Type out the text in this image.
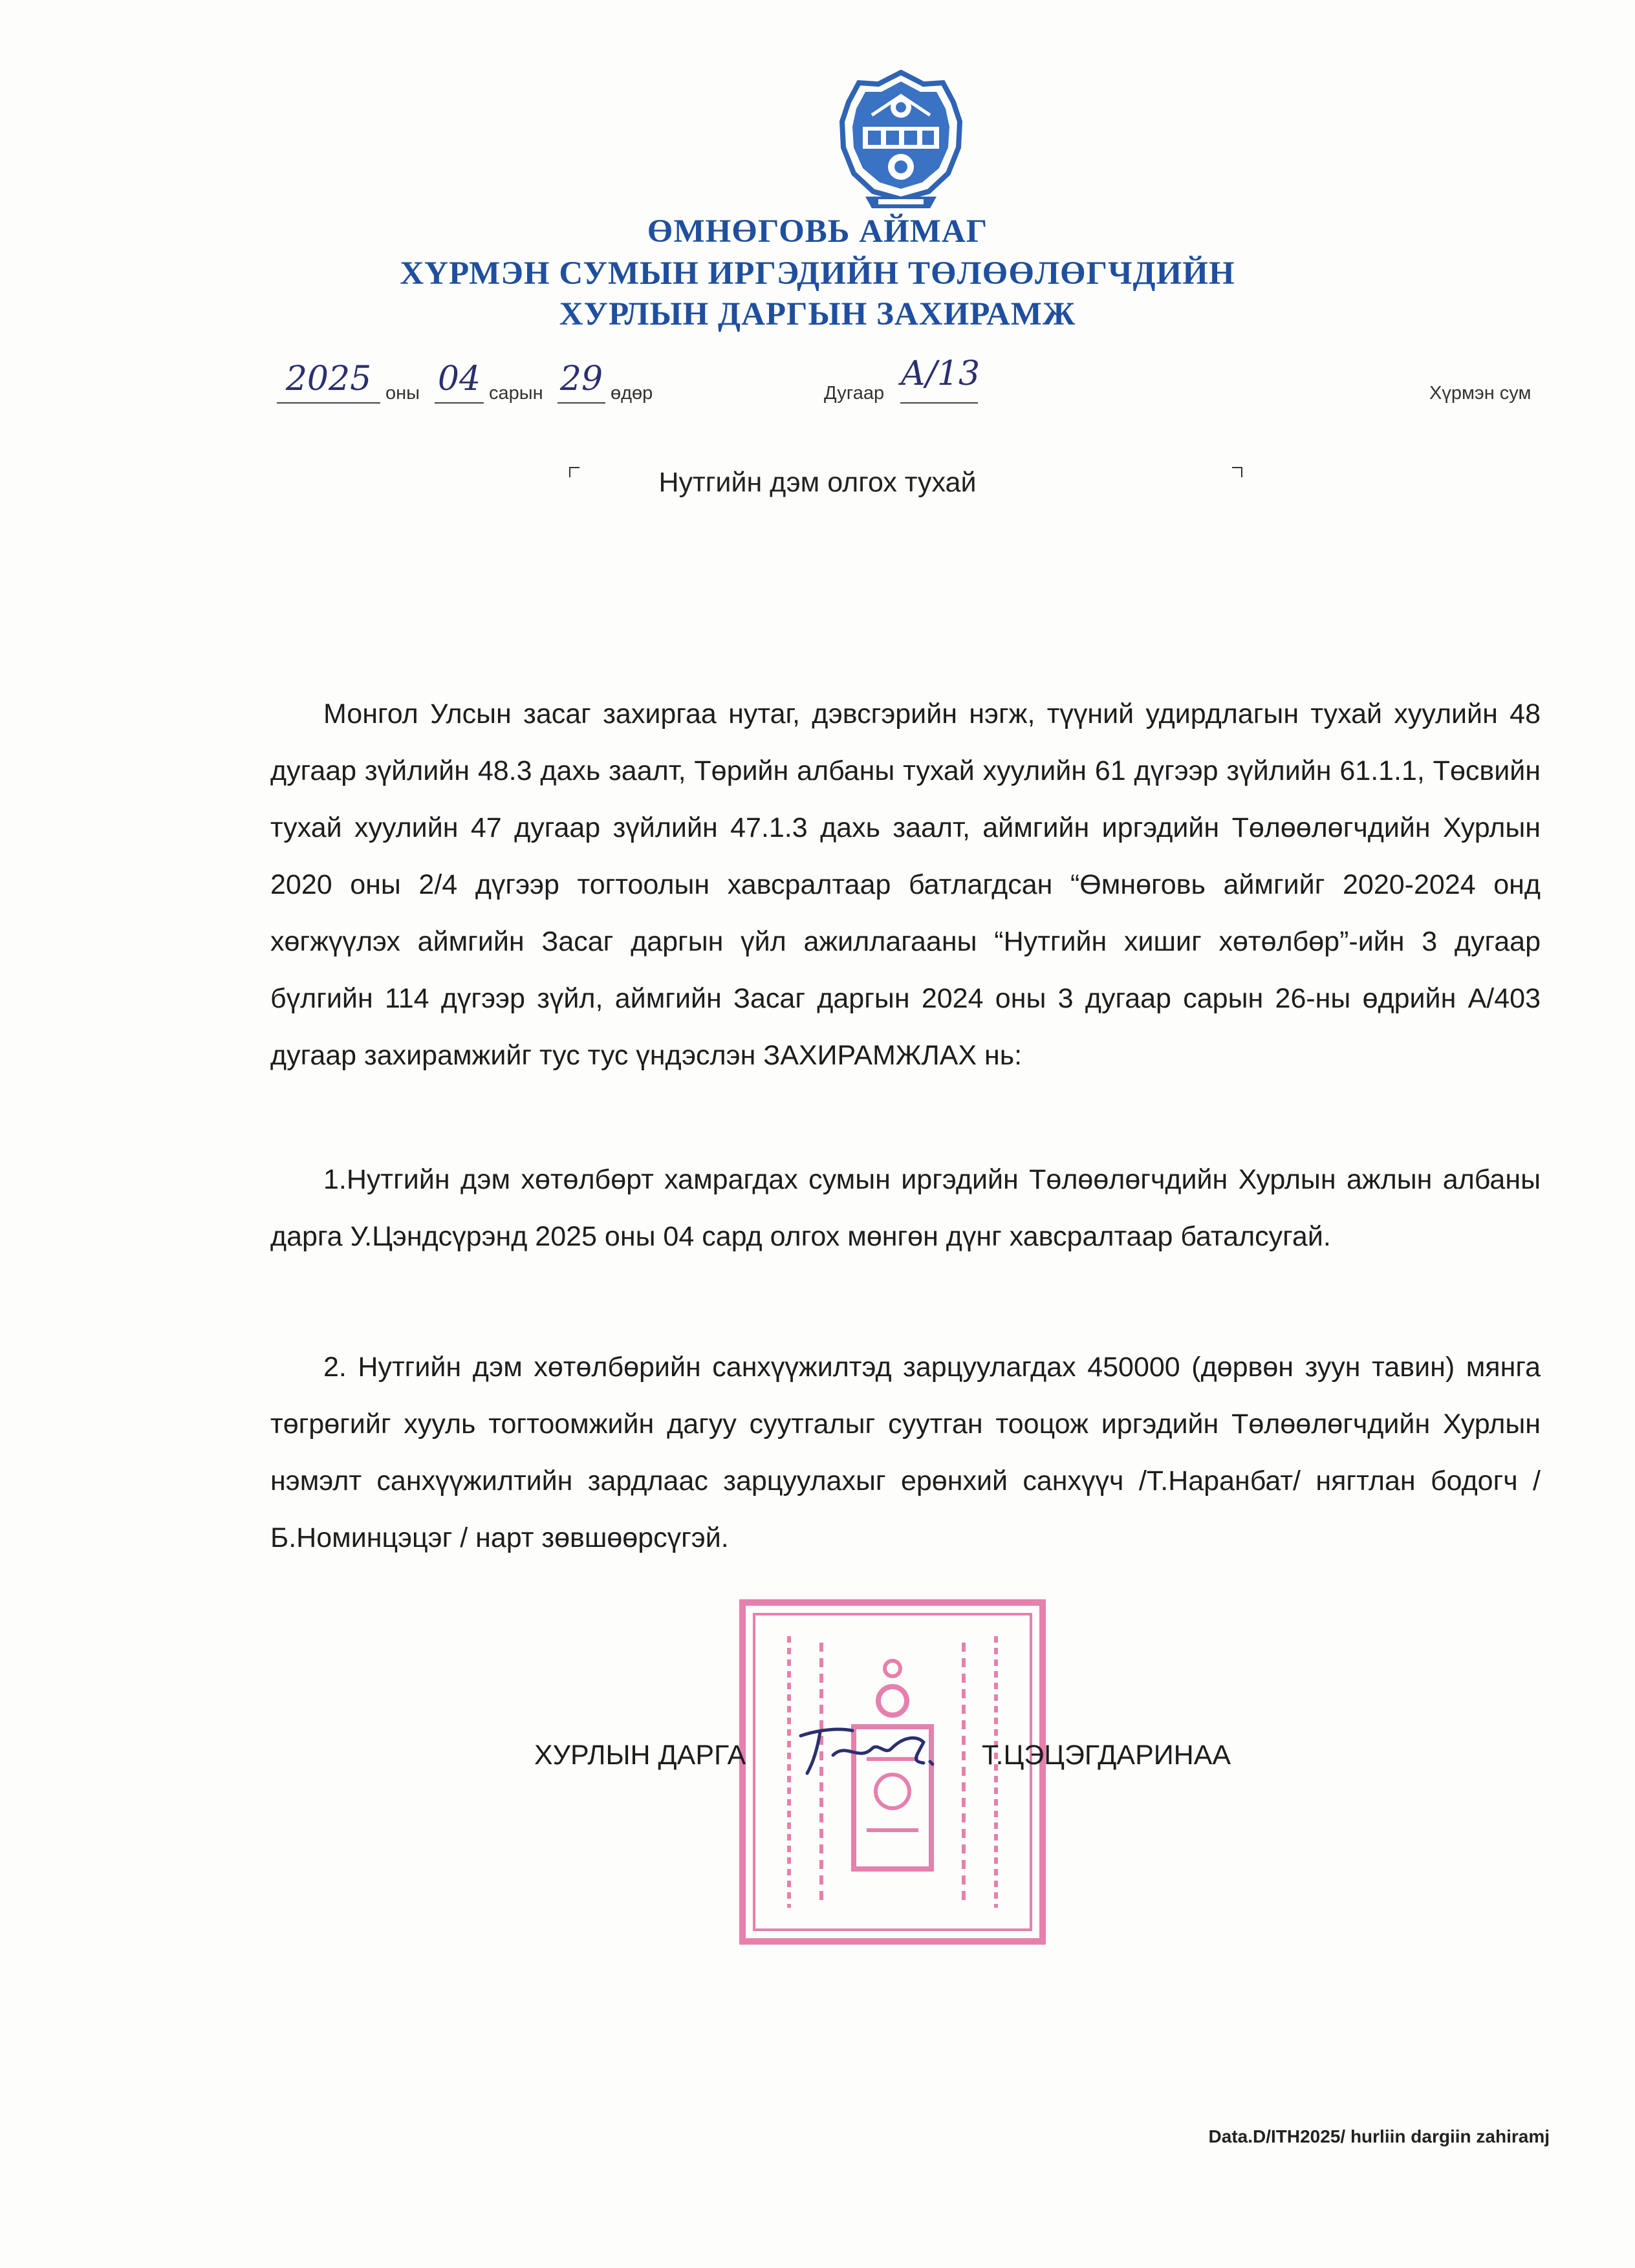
ӨМНӨГОВЬ АЙМАГ
ХҮРМЭН СУМЫН ИРГЭДИЙН ТӨЛӨӨЛӨГЧДИЙН
ХУРЛЫН ДАРГЫН ЗАХИРАМЖ
2025 оны 04 сарын 29 өдөр	Дугаар А/13	Хүрмэн сум
Нутгийн дэм олгох тухай
Монгол Улсын засаг захиргаа нутаг, дэвсгэрийн нэгж, түүний удирдлагын тухай хуулийн 48 дугаар зүйлийн 48.3 дахь заалт, Төрийн албаны тухай хуулийн 61 дүгээр зүйлийн 61.1.1, Төсвийн тухай хуулийн 47 дугаар зүйлийн 47.1.3 дахь заалт, аймгийн иргэдийн Төлөөлөгчдийн Хурлын 2020 оны 2/4 дүгээр тогтоолын хавсралтаар батлагдсан “Өмнөговь аймгийг 2020-2024 онд хөгжүүлэх аймгийн Засаг даргын үйл ажиллагааны “Нутгийн хишиг хөтөлбөр”-ийн 3 дугаар бүлгийн 114 дүгээр зүйл, аймгийн Засаг даргын 2024 оны 3 дугаар сарын 26-ны өдрийн А/403 дугаар захирамжийг тус тус үндэслэн ЗАХИРАМЖЛАХ нь:
1.Нутгийн дэм хөтөлбөрт хамрагдах сумын иргэдийн Төлөөлөгчдийн Хурлын ажлын албаны дарга У.Цэндсүрэнд 2025 оны 04 сард олгох мөнгөн дүнг хавсралтаар баталсугай.
2. Нутгийн дэм хөтөлбөрийн санхүүжилтэд зарцуулагдах 450000 (дөрвөн зуун тавин) мянга төгрөгийг хууль тогтоомжийн дагуу суутгалыг суутган тооцож иргэдийн Төлөөлөгчдийн Хурлын нэмэлт санхүүжилтийн зардлаас зарцуулахыг ерөнхий санхүүч /Т.Наранбат/ нягтлан бодогч /Б.Номинцэцэг / нарт зөвшөөрсүгэй.
ХУРЛЫН ДАРГА	Т.ЦЭЦЭГДАРИНАА
Data.D/ITH2025/ hurliin dargiin zahiramj
